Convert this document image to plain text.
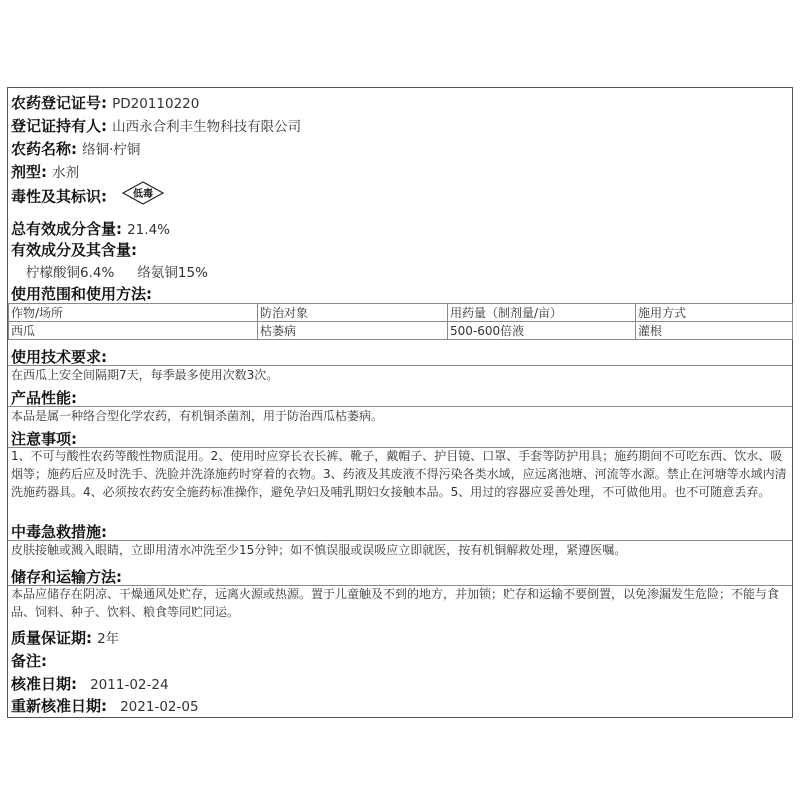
农药登记证号: PD20110220
登记证持有人: 山西永合利丰生物科技有限公司
农药名称: 络铜·柠铜
剂型: 水剂
毒性及其标识:	低毒
总有效成分含量: 21.4%
有效成分及其含量:
柠檬酸铜6.4% 络氨铜15%
使用范围和使用方法:
作物/场所	防治对象	用药量（制剂量/亩）	施用方式
西瓜	枯萎病	500-600倍液	灌根
使用技术要求:
在西瓜上安全间隔期7天，每季最多使用次数3次。
产品性能:
本品是属一种络合型化学农药，有机铜杀菌剂，用于防治西瓜枯萎病。
注意事项:
1、不可与酸性农药等酸性物质混用。2、使用时应穿长衣长裤、靴子，戴帽子、护目镜、口罩、手套等防护用具；施药期间不可吃东西、饮水、吸烟等；施药后应及时洗手、洗脸并洗涤施药时穿着的衣物。3、药液及其废液不得污染各类水域，应远离池塘、河流等水源。禁止在河塘等水域内清洗施药器具。4、必须按农药安全施药标准操作，避免孕妇及哺乳期妇女接触本品。5、用过的容器应妥善处理，不可做他用。也不可随意丢弃。
中毒急救措施:
皮肤接触或溅入眼睛，立即用清水冲洗至少15分钟；如不慎误服或误吸应立即就医，按有机铜解救处理，紧遵医嘱。
储存和运输方法:
本品应储存在阴凉、干燥通风处贮存，远离火源或热源。置于儿童触及不到的地方，并加锁；贮存和运输不要倒置，以免渗漏发生危险；不能与食品、饲料、种子、饮料、粮食等同贮同运。
质量保证期: 2年
备注:
核准日期: 2011-02-24
重新核准日期: 2021-02-05
